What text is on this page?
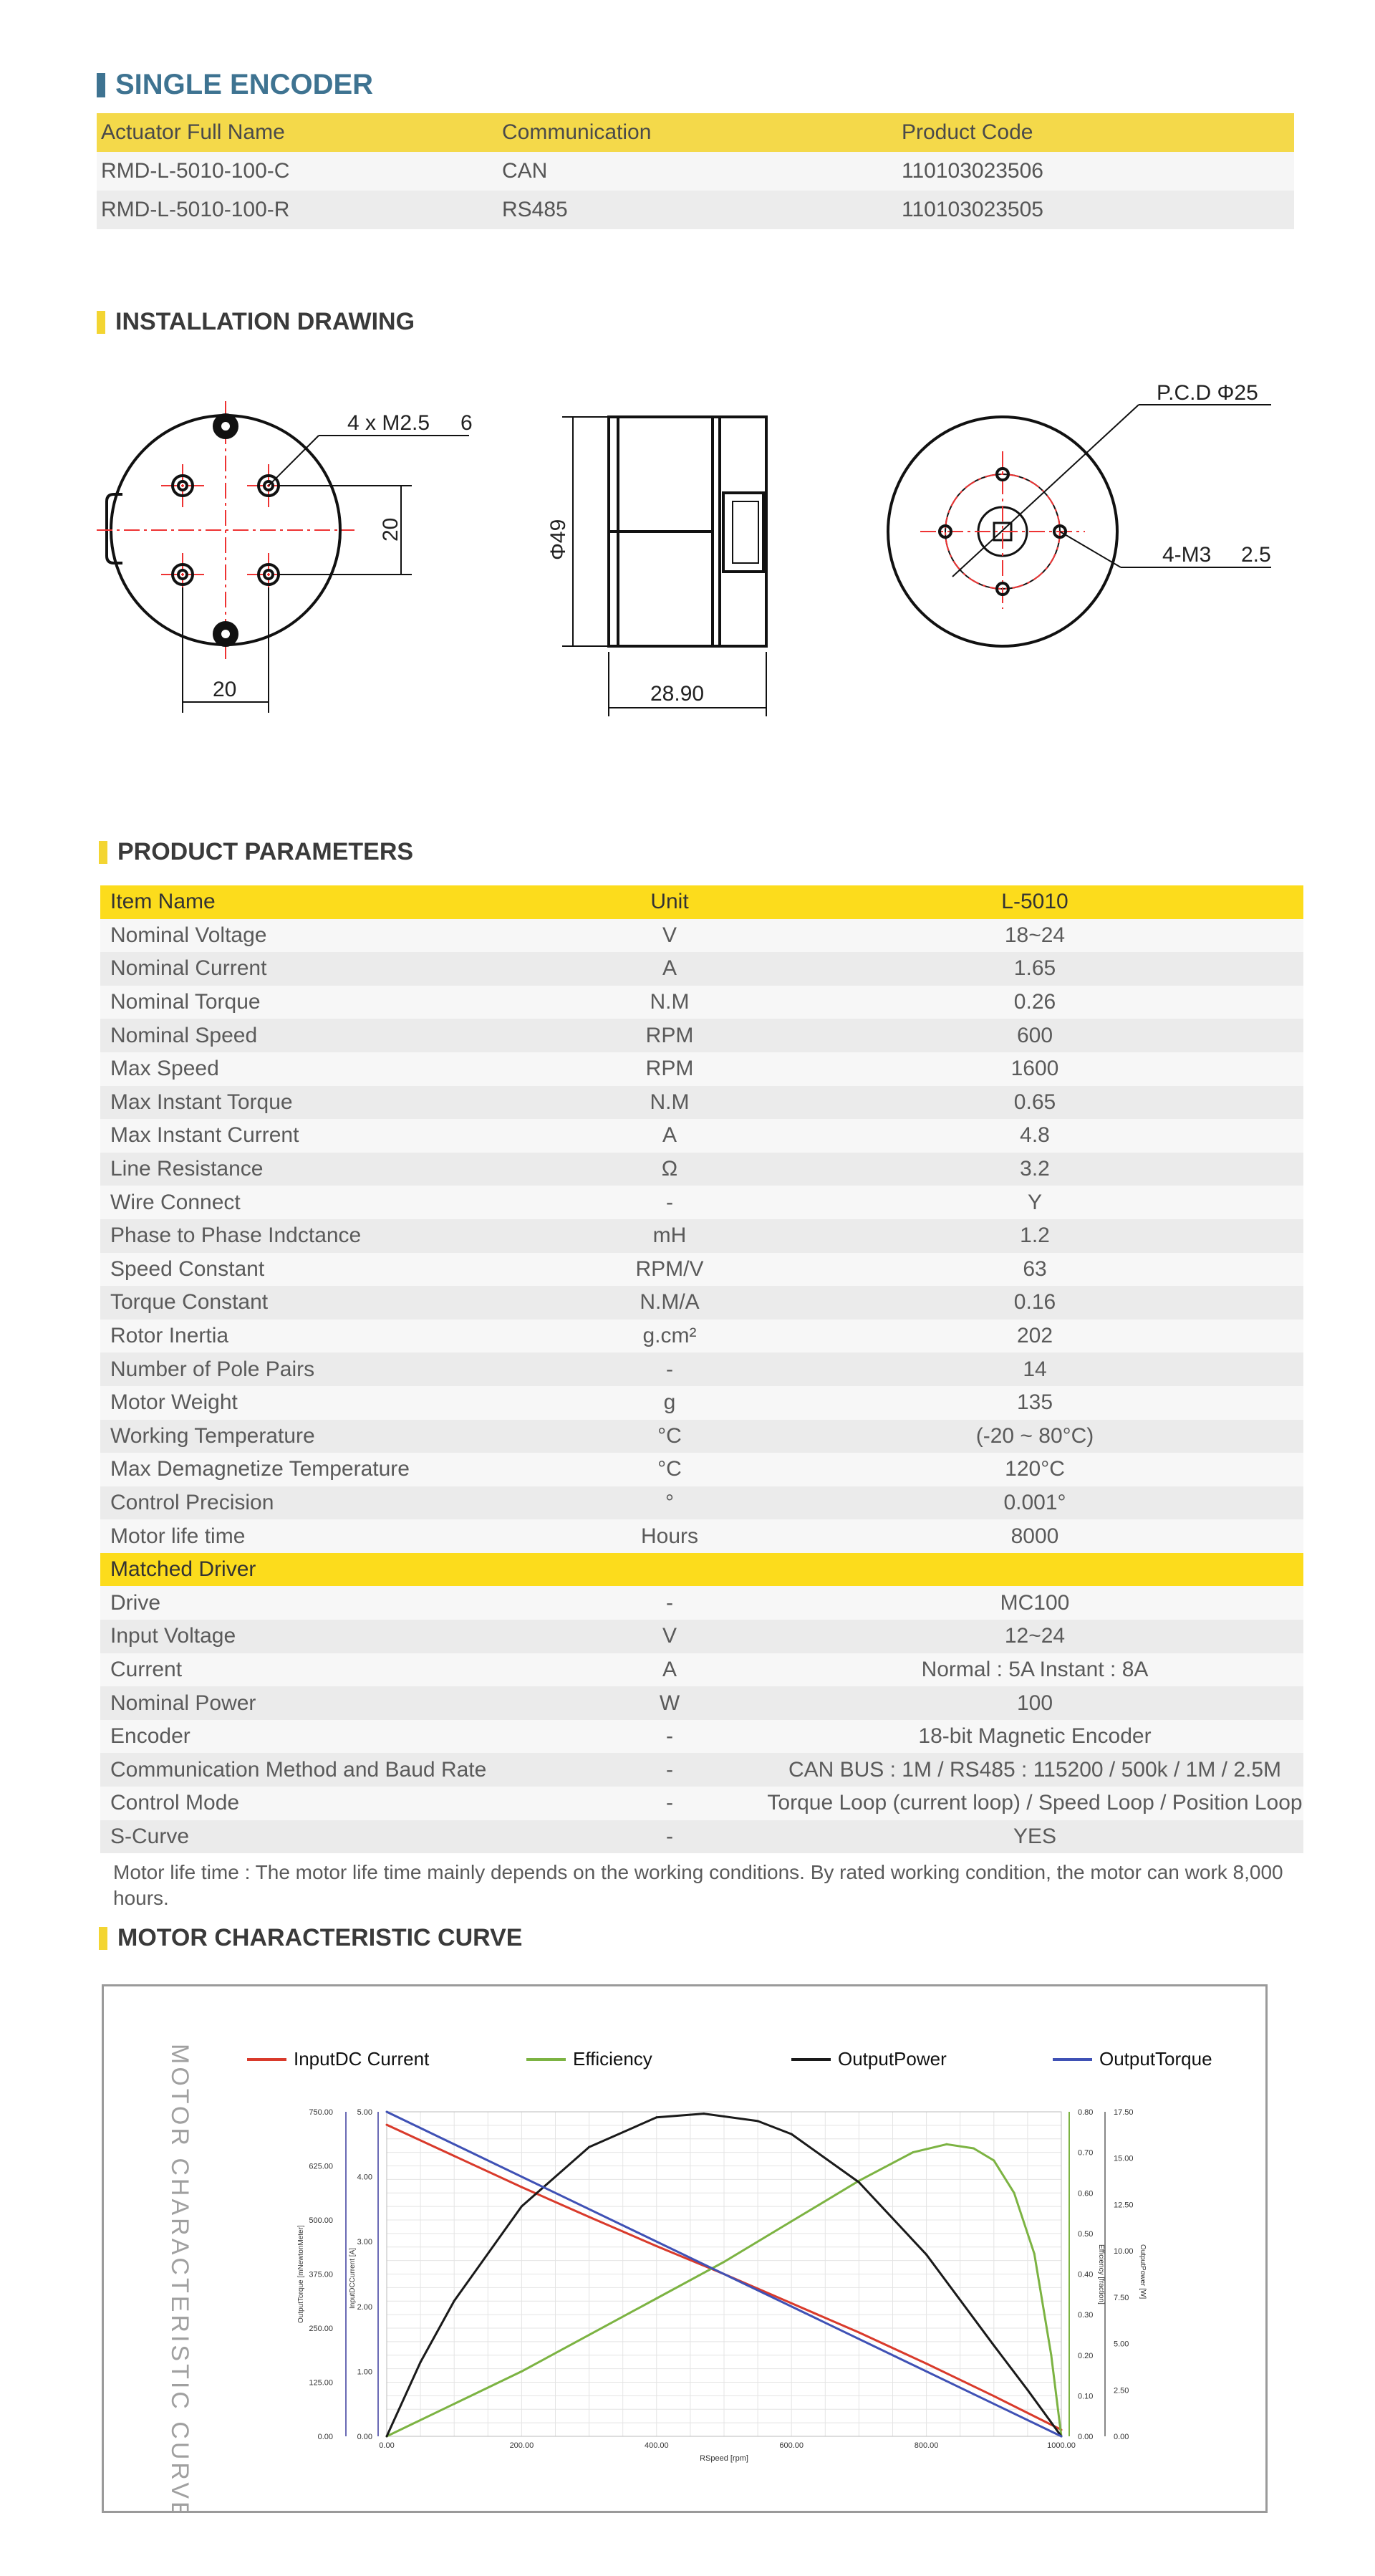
SINGLE ENCODER
Actuator Full Name	Communication	Product Code
RMD-L-5010-100-C	CAN	110103023506
RMD-L-5010-100-R	RS485	110103023505
INSTALLATION DRAWING
4 x M2.5 6
20
20
Φ49
28.90
P.C.D Φ25
4-M3 2.5
PRODUCT PARAMETERS
Item Name	Unit	L-5010
Nominal Voltage	V	18~24
Nominal Current	A	1.65
Nominal Torque	N.M	0.26
Nominal Speed	RPM	600
Max Speed	RPM	1600
Max Instant Torque	N.M	0.65
Max Instant Current	A	4.8
Line Resistance	Ω	3.2
Wire Connect	-	Y
Phase to Phase Indctance	mH	1.2
Speed Constant	RPM/V	63
Torque Constant	N.M/A	0.16
Rotor Inertia	g.cm²	202
Number of Pole Pairs	-	14
Motor Weight	g	135
Working Temperature	°C	(-20 ~ 80°C)
Max Demagnetize Temperature	°C	120°C
Control Precision	°	0.001°
Motor life time	Hours	8000
Matched Driver
Drive	-	MC100
Input Voltage	V	12~24
Current	A	Normal : 5A Instant : 8A
Nominal Power	W	100
Encoder	-	18-bit Magnetic Encoder
Communication Method and Baud Rate	-	CAN BUS : 1M / RS485 : 115200 / 500k / 1M / 2.5M
Control Mode	-	Torque Loop (current loop) / Speed Loop / Position Loop
S-Curve	-	YES
Motor life time : The motor life time mainly depends on the working conditions. By rated working condition, the motor can work 8,000 hours.
MOTOR CHARACTERISTIC CURVE
MOTOR CHARACTERISTIC CURVE	0.00
125.00
250.00
375.00
500.00
625.00
750.00
0.00
1.00
2.00
3.00
4.00
5.00
0.00
0.10
0.20
0.30
0.40
0.50
0.60
0.70
0.80
0.00
2.50
5.00
7.50
10.00
12.50
15.00
17.50
OutputTorque [mNewtonMeter]	InputDCCurrent [A]	Efficiency [fraction]	OutputPower [W]
0.00	200.00	400.00	600.00	800.00	1000.00
RSpeed [rpm]
InputDC Current	Efficiency	OutputPower	OutputTorque
